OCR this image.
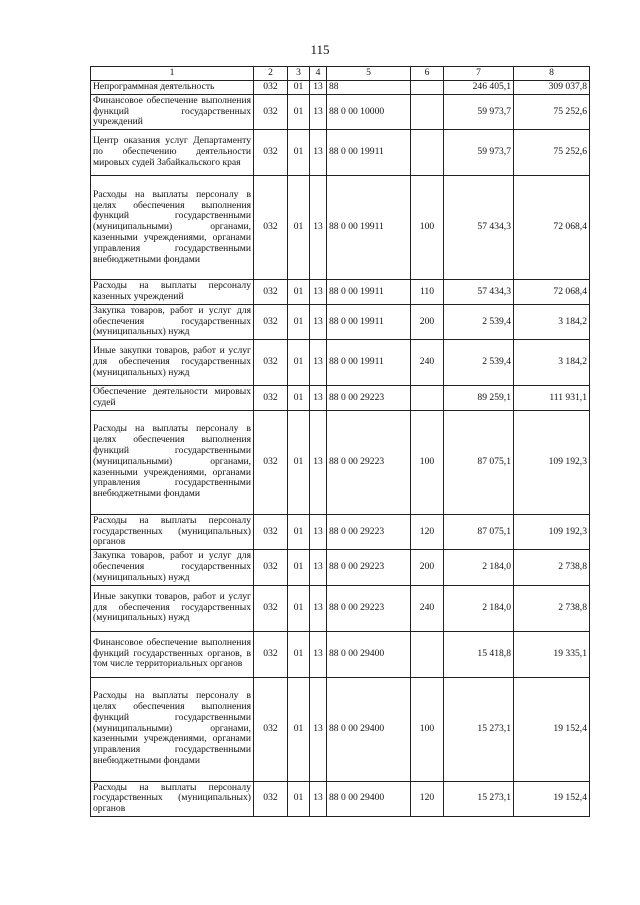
115
1	2	3	4	5	6	7	8
Непрограммная деятельность	032	01	13	88		246 405,1	309 037,8
Финансовое обеспечение выполнения функций государственных учреждений	032	01	13	88 0 00 10000		59 973,7	75 252,6
Центр оказания услуг Департаменту по обеспечению деятельности мировых судей Забайкальского края	032	01	13	88 0 00 19911		59 973,7	75 252,6
Расходы на выплаты персоналу в целях обеспечения выполнения функций государственными (муниципальными) органами, казенными учреждениями, органами управления государственными внебюджетными фондами	032	01	13	88 0 00 19911	100	57 434,3	72 068,4
Расходы на выплаты персоналу казенных учреждений	032	01	13	88 0 00 19911	110	57 434,3	72 068,4
Закупка товаров, работ и услуг для обеспечения государственных (муниципальных) нужд	032	01	13	88 0 00 19911	200	2 539,4	3 184,2
Иные закупки товаров, работ и услуг для обеспечения государственных (муниципальных) нужд	032	01	13	88 0 00 19911	240	2 539,4	3 184,2
Обеспечение деятельности мировых судей	032	01	13	88 0 00 29223		89 259,1	111 931,1
Расходы на выплаты персоналу в целях обеспечения выполнения функций государственными (муниципальными) органами, казенными учреждениями, органами управления государственными внебюджетными фондами	032	01	13	88 0 00 29223	100	87 075,1	109 192,3
Расходы на выплаты персоналу государственных (муниципальных) органов	032	01	13	88 0 00 29223	120	87 075,1	109 192,3
Закупка товаров, работ и услуг для обеспечения государственных (муниципальных) нужд	032	01	13	88 0 00 29223	200	2 184,0	2 738,8
Иные закупки товаров, работ и услуг для обеспечения государственных (муниципальных) нужд	032	01	13	88 0 00 29223	240	2 184,0	2 738,8
Финансовое обеспечение выполнения функций государственных органов, в том числе территориальных органов	032	01	13	88 0 00 29400		15 418,8	19 335,1
Расходы на выплаты персоналу в целях обеспечения выполнения функций государственными (муниципальными) органами, казенными учреждениями, органами управления государственными внебюджетными фондами	032	01	13	88 0 00 29400	100	15 273,1	19 152,4
Расходы на выплаты персоналу государственных (муниципальных) органов	032	01	13	88 0 00 29400	120	15 273,1	19 152,4
